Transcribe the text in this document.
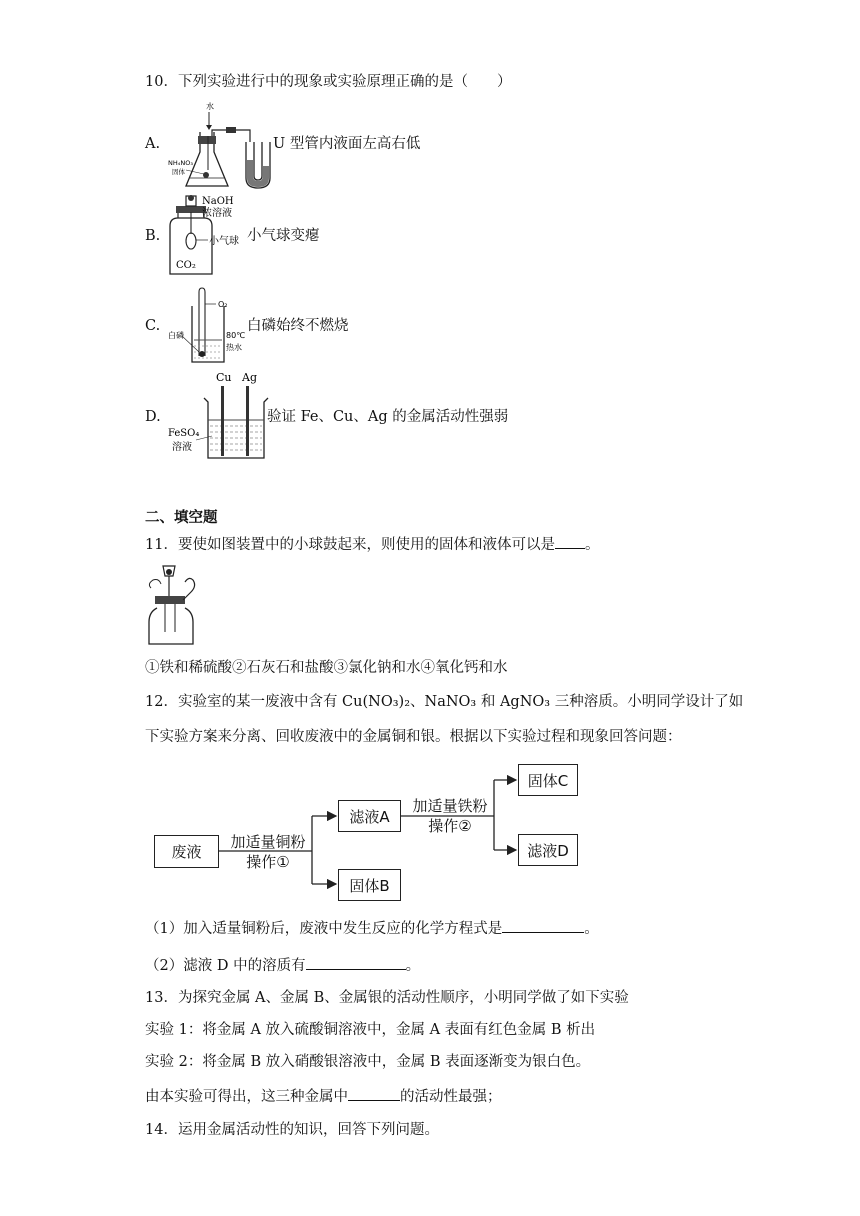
10．下列实验进行中的现象或实验原理正确的是（　　）
A.
水
NH₄NO₃
固体
U 型管内液面左高右低
B.
NaOH
浓溶液
小气球
CO₂
小气球变瘪
C.
O₂
白磷	80℃
热水
白磷始终不燃烧
D.
Cu Ag
FeSO₄
溶液
验证 Fe、Cu、Ag 的金属活动性强弱
二、填空题
11．要使如图装置中的小球鼓起来，则使用的固体和液体可以是 。
①铁和稀硫酸②石灰石和盐酸③氯化钠和水④氧化钙和水
12．实验室的某一废液中含有 Cu(NO₃)₂、NaNO₃ 和 AgNO₃ 三种溶质。小明同学设计了如
下实验方案来分离、回收废液中的金属铜和银。根据以下实验过程和现象回答问题：
废液
加适量铜粉
操作①
滤液A
固体B
加适量铁粉
操作②
固体C
滤液D
（1）加入适量铜粉后，废液中发生反应的化学方程式是	。
（2）滤液 D 中的溶质有	。
13．为探究金属 A、金属 B、金属银的活动性顺序，小明同学做了如下实验
实验 1：将金属 A 放入硫酸铜溶液中，金属 A 表面有红色金属 B 析出
实验 2：将金属 B 放入硝酸银溶液中，金属 B 表面逐渐变为银白色。
由本实验可得出，这三种金属中	的活动性最强；
14．运用金属活动性的知识，回答下列问题。
